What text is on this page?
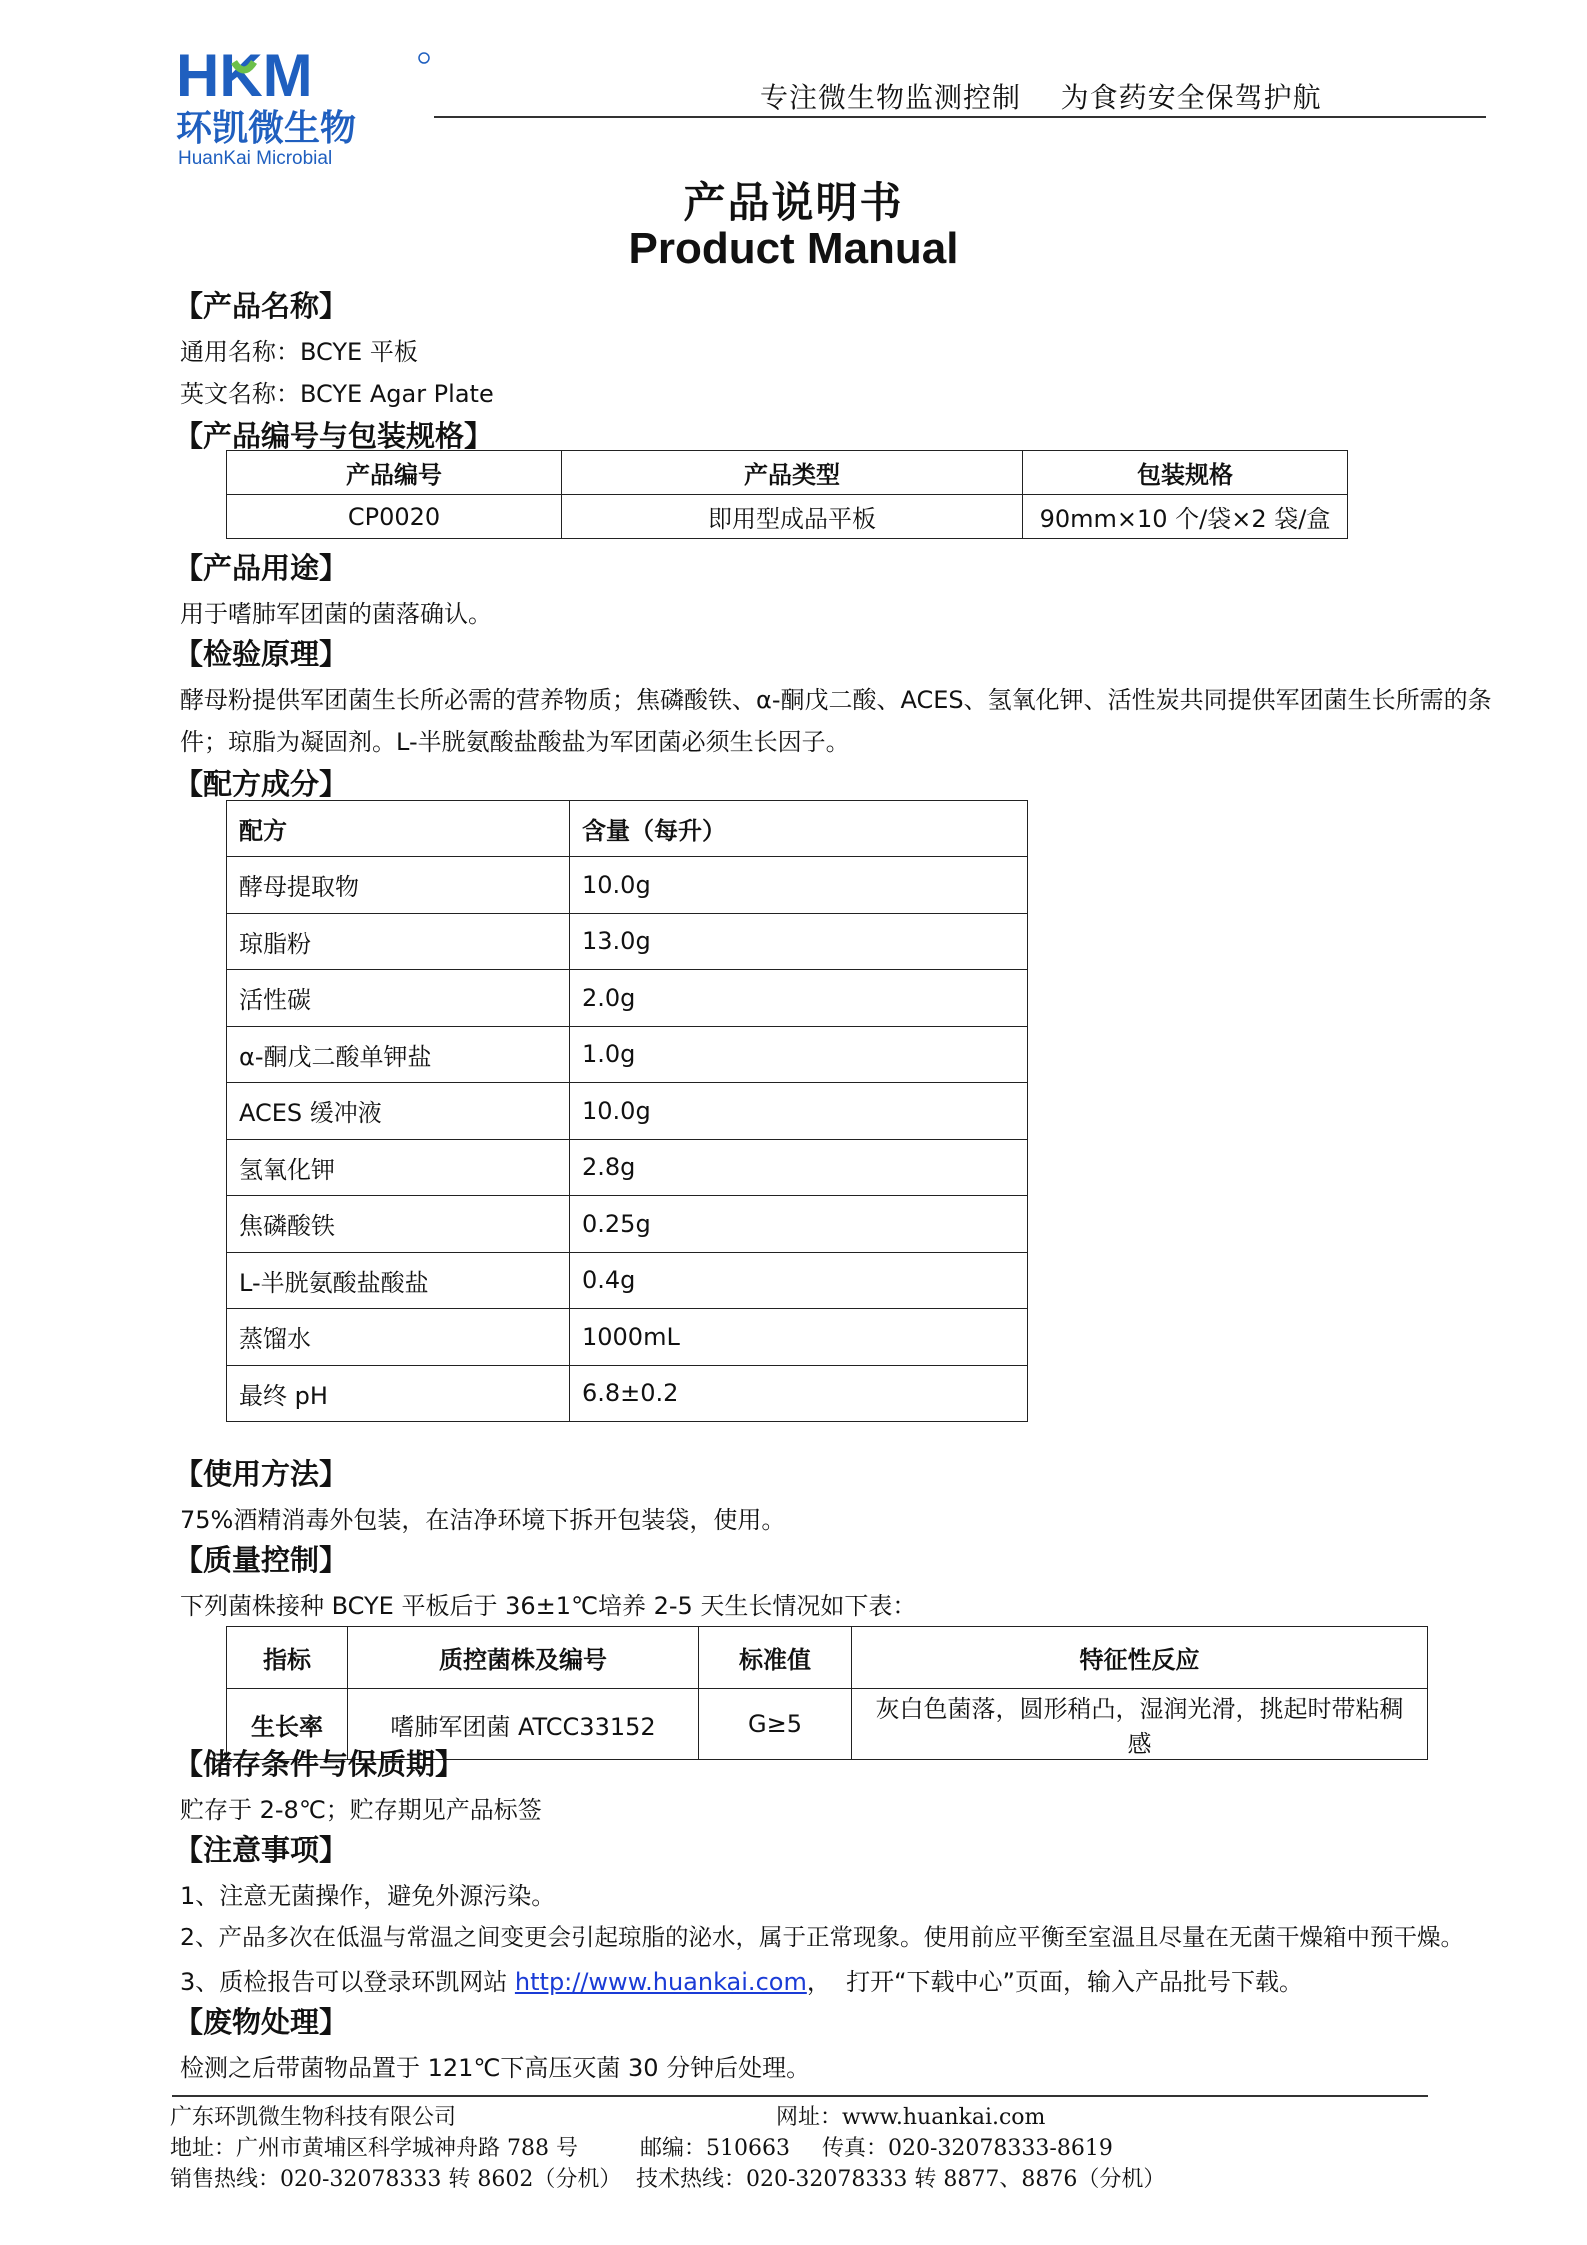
HKM
环凯微生物
HuanKai Microbial
专注微生物监测控制    为食药安全保驾护航
产品说明书
Product Manual
【产品名称】
通用名称：BCYE 平板
英文名称：BCYE Agar Plate
【产品编号与包装规格】
产品编号	产品类型	包装规格
CP0020	即用型成品平板	90mm×10 个/袋×2 袋/盒
【产品用途】
用于嗜肺军团菌的菌落确认。
【检验原理】
酵母粉提供军团菌生长所必需的营养物质；焦磷酸铁、α-酮戊二酸、ACES、氢氧化钾、活性炭共同提供军团菌生长所需的条
件；琼脂为凝固剂。L-半胱氨酸盐酸盐为军团菌必须生长因子。
【配方成分】
配方	含量（每升）
酵母提取物	10.0g
琼脂粉	13.0g
活性碳	2.0g
α-酮戊二酸单钾盐	1.0g
ACES 缓冲液	10.0g
氢氧化钾	2.8g
焦磷酸铁	0.25g
L-半胱氨酸盐酸盐	0.4g
蒸馏水	1000mL
最终 pH	6.8±0.2
【使用方法】
75%酒精消毒外包装，在洁净环境下拆开包装袋，使用。
【质量控制】
下列菌株接种 BCYE 平板后于 36±1℃培养 2-5 天生长情况如下表：
指标	质控菌株及编号	标准值	特征性反应
生长率	嗜肺军团菌 ATCC33152	G≥5	灰白色菌落，圆形稍凸，湿润光滑，挑起时带粘稠感
【储存条件与保质期】
贮存于 2-8℃；贮存期见产品标签
【注意事项】
1、注意无菌操作，避免外源污染。
2、产品多次在低温与常温之间变更会引起琼脂的泌水，属于正常现象。使用前应平衡至室温且尽量在无菌干燥箱中预干燥。
3、质检报告可以登录环凯网站 http://www.huankai.com，  打开“下载中心”页面，输入产品批号下载。
【废物处理】
检测之后带菌物品置于 121℃下高压灭菌 30 分钟后处理。
广东环凯微生物科技有限公司	网址：www.huankai.com
地址：广州市黄埔区科学城神舟路 788 号	邮编：510663 传真：020-32078333-8619
销售热线：020-32078333 转 8602（分机） 技术热线：020-32078333 转 8877、8876（分机）
